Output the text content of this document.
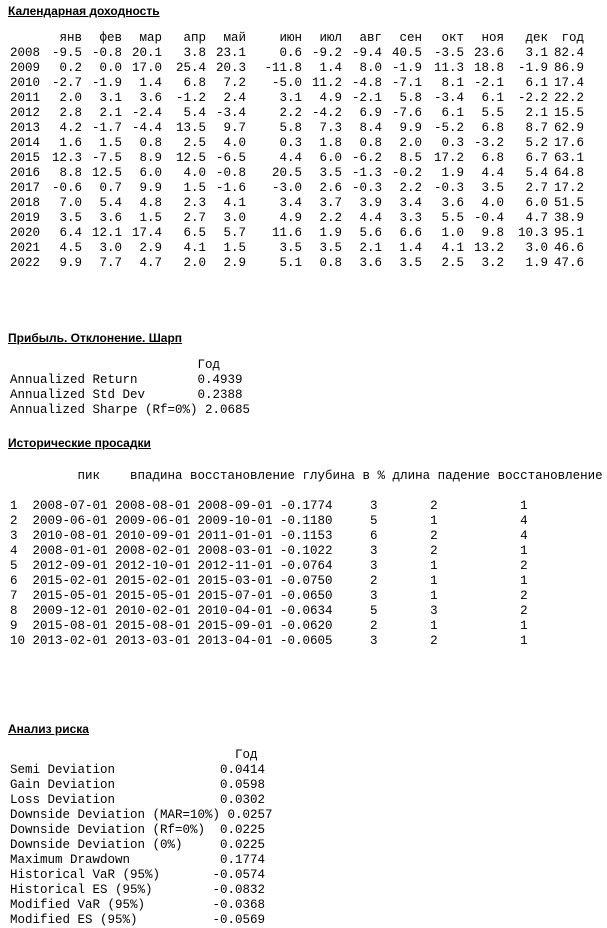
Календарная доходность
	янв	фев	мар	апр	май	июн	июл	авг	сен	окт	ноя	дек	год
2008	-9.5	-0.8	20.1	3.8	23.1	0.6	-9.2	-9.4	40.5	-3.5	23.6	3.1	82.4
2009	0.2	0.0	17.0	25.4	20.3	-11.8	1.4	8.0	-1.9	11.3	18.8	-1.9	86.9
2010	-2.7	-1.9	1.4	6.8	7.2	-5.0	11.2	-4.8	-7.1	8.1	-2.1	6.1	17.4
2011	2.0	3.1	3.6	-1.2	2.4	3.1	4.9	-2.1	5.8	-3.4	6.1	-2.2	22.2
2012	2.8	2.1	-2.4	5.4	-3.4	2.2	-4.2	6.9	-7.6	6.1	5.5	2.1	15.5
2013	4.2	-1.7	-4.4	13.5	9.7	5.8	7.3	8.4	9.9	-5.2	6.8	8.7	62.9
2014	1.6	1.5	0.8	2.5	4.0	0.3	1.8	0.8	2.0	0.3	-3.2	5.2	17.6
2015	12.3	-7.5	8.9	12.5	-6.5	4.4	6.0	-6.2	8.5	17.2	6.8	6.7	63.1
2016	8.8	12.5	6.0	4.0	-0.8	20.5	3.5	-1.3	-0.2	1.9	4.4	5.4	64.8
2017	-0.6	0.7	9.9	1.5	-1.6	-3.0	2.6	-0.3	2.2	-0.3	3.5	2.7	17.2
2018	7.0	5.4	4.8	2.3	4.1	3.4	3.7	3.9	3.4	3.6	4.0	6.0	51.5
2019	3.5	3.6	1.5	2.7	3.0	4.9	2.2	4.4	3.3	5.5	-0.4	4.7	38.9
2020	6.4	12.1	17.4	6.5	5.7	11.6	1.9	5.6	6.6	1.0	9.8	10.3	95.1
2021	4.5	3.0	2.9	4.1	1.5	3.5	3.5	2.1	1.4	4.1	13.2	3.0	46.6
2022	9.9	7.7	4.7	2.0	2.9	5.1	0.8	3.6	3.5	2.5	3.2	1.9	47.6
Прибыль. Отклонение. Шарп
Год
Annualized Return        0.4939
Annualized Std Dev       0.2388
Annualized Sharpe (Rf=0%) 2.0685
Исторические просадки
пик    впадина восстановление глубина в % длина падение восстановление

1  2008-07-01 2008-08-01 2008-09-01 -0.1774     3       2           1
2  2009-06-01 2009-06-01 2009-10-01 -0.1180     5       1           4
3  2010-08-01 2010-09-01 2011-01-01 -0.1153     6       2           4
4  2008-01-01 2008-02-01 2008-03-01 -0.1022     3       2           1
5  2012-09-01 2012-10-01 2012-11-01 -0.0764     3       1           2
6  2015-02-01 2015-02-01 2015-03-01 -0.0750     2       1           1
7  2015-05-01 2015-05-01 2015-07-01 -0.0650     3       1           2
8  2009-12-01 2010-02-01 2010-04-01 -0.0634     5       3           2
9  2015-08-01 2015-08-01 2015-09-01 -0.0620     2       1           1
10 2013-02-01 2013-03-01 2013-04-01 -0.0605     3       2           1
Анализ риска
Год
Semi Deviation              0.0414
Gain Deviation              0.0598
Loss Deviation              0.0302
Downside Deviation (MAR=10%) 0.0257
Downside Deviation (Rf=0%)  0.0225
Downside Deviation (0%)     0.0225
Maximum Drawdown            0.1774
Historical VaR (95%)       -0.0574
Historical ES (95%)        -0.0832
Modified VaR (95%)         -0.0368
Modified ES (95%)          -0.0569
